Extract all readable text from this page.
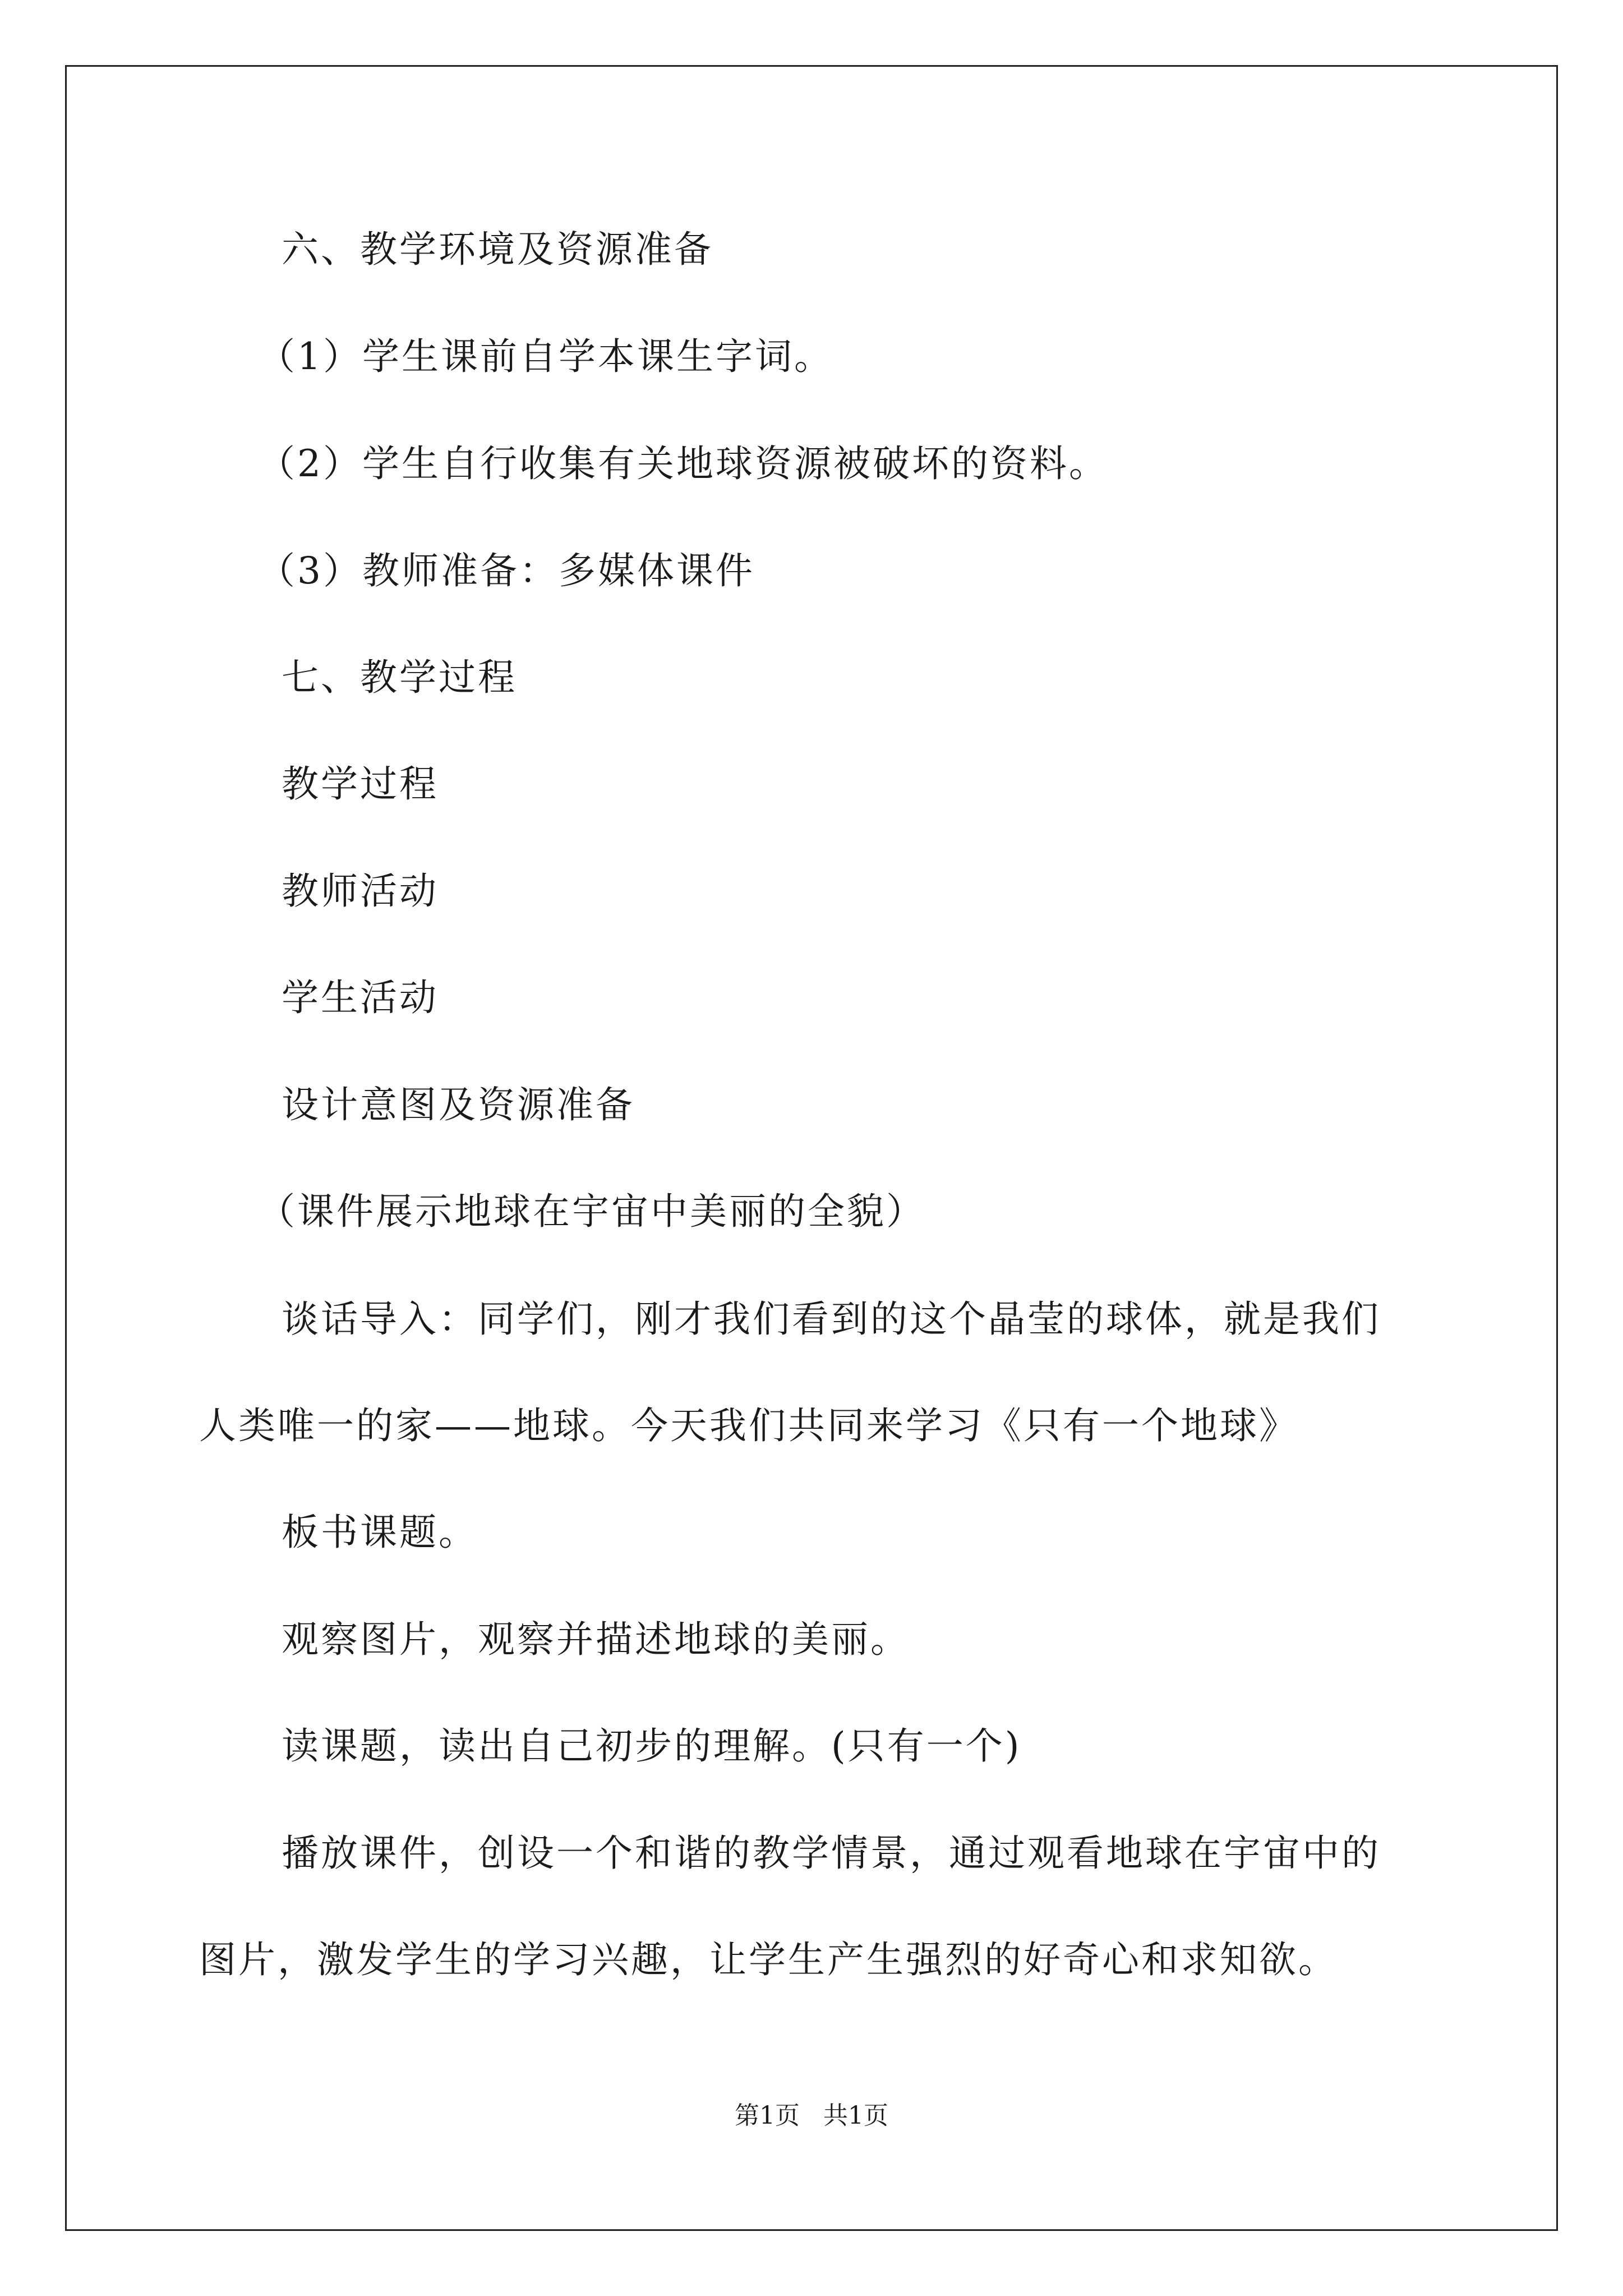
六、教学环境及资源准备
（1）学生课前自学本课生字词。
（2）学生自行收集有关地球资源被破坏的资料。
（3）教师准备：多媒体课件
七、教学过程
教学过程
教师活动
学生活动
设计意图及资源准备
（课件展示地球在宇宙中美丽的全貌）
谈话导入：同学们，刚才我们看到的这个晶莹的球体，就是我们
人类唯一的家——地球。今天我们共同来学习《只有一个地球》
板书课题。
观察图片，观察并描述地球的美丽。
读课题，读出自己初步的理解。(只有一个)
播放课件，创设一个和谐的教学情景，通过观看地球在宇宙中的
图片，激发学生的学习兴趣，让学生产生强烈的好奇心和求知欲。
第1页   共1页
